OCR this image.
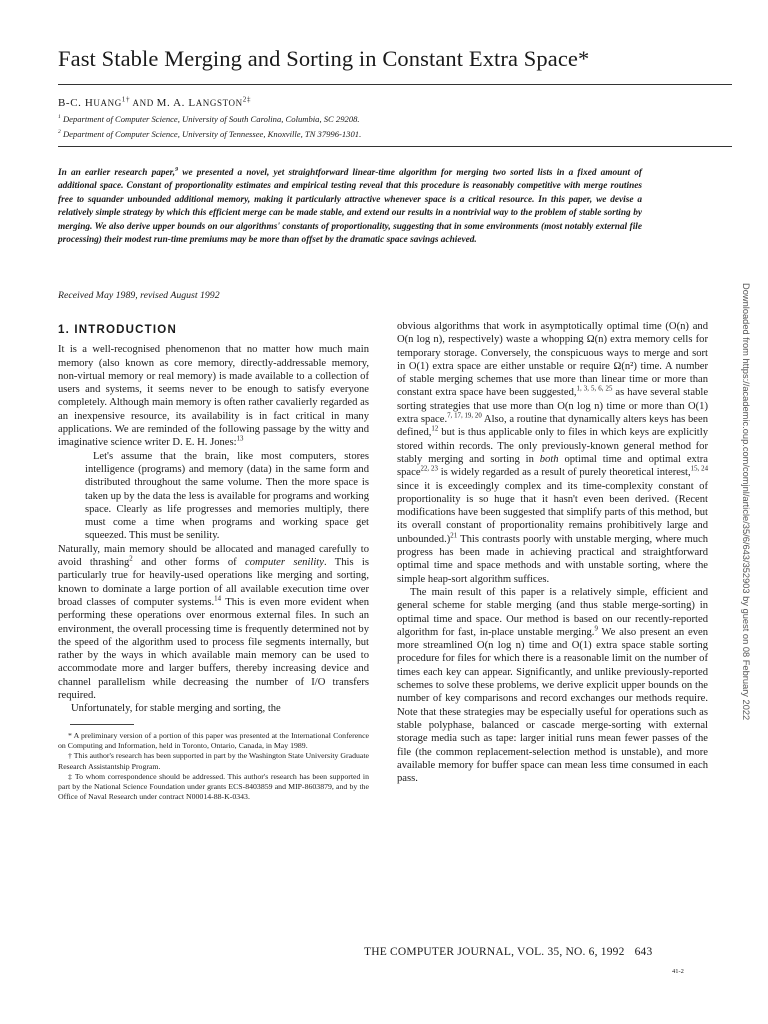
Fast Stable Merging and Sorting in Constant Extra Space*
B-C. $HUANG^{1\dagger}$ AND M. A. $LANGSTON^{2\ddagger}$
$^1$ Department of Computer Science, University of South Carolina, Columbia, SC 29208.
$^2$ Department of Computer Science, University of Tennessee, Knoxville, TN 37996-1301.

In an earlier research paper,$^9$ we presented a novel, yet straightforward linear-time algorithm for merging two sorted lists in a fixed amount of additional space. Constant of proportionality estimates and empirical testing reveal that this procedure is reasonably competitive with merge routines free to squander unbounded additional memory, making it particularly attractive whenever space is a critical resource. In this paper, we devise a relatively simple strategy by which this efficient merge can be made stable, and extend our results in a nontrivial way to the problem of stable sorting by merging. We also derive upper bounds on our algorithms' constants of proportionality, suggesting that in some environments (most notably external file processing) their modest run-time premiums may be more than offset by the dramatic space savings achieved.

Received May 1989, revised August 1992

1. INTRODUCTION

It is a well-recognised phenomenon that no matter how much main memory (also known as core memory, directly-addressable memory, non-virtual memory or real memory) is made available to a collection of users and systems, it seems never to be enough to satisfy everyone completely. Although main memory is often rather cavalierly regarded as an inexpensive resource, its availability is in fact critical in many applications. We are reminded of the following passage by the witty and imaginative science writer D. E. H. Jones:$^{13}$

Let's assume that the brain, like most computers, stores intelligence (programs) and memory (data) in the same form and distributed throughout the same volume. Then the more space is taken up by the data the less is available for programs and working space. Clearly as life progresses and memories multiply, there must come a time when programs and working space get squeezed. This must be senility.

Naturally, main memory should be allocated and managed carefully to avoid thrashing$^2$ and other forms of computer senility. This is particularly true for heavily-used operations like merging and sorting, known to dominate a large portion of all available execution time over broad classes of computer systems.$^{14}$ This is even more evident when performing these operations over enormous external files. In such an environment, the overall processing time is frequently determined not by the speed of the algorithm used to process file segments internally, but rather by the ways in which available main memory can be used to accommodate more and larger buffers, thereby increasing device and channel parallelism while decreasing the number of I/O transfers required.

Unfortunately, for stable merging and sorting, the

* A preliminary version of a portion of this paper was presented at the International Conference on Computing and Information, held in Toronto, Ontario, Canada, in May 1989.

† This author's research has been supported in part by the Washington State University Graduate Research Assistantship Program.

‡ To whom correspondence should be addressed. This author's research has been supported in part by the National Science Foundation under grants ECS-8403859 and MIP-8603879, and by the Office of Naval Research under contract N00014-88-K-0343.

obvious algorithms that work in asymptotically optimal time (O(n) and O(n log n), respectively) waste a whopping Ω(n) extra memory cells for temporary storage. Conversely, the conspicuous ways to merge and sort in O(1) extra space are either unstable or require Ω(n²) time. A number of stable merging schemes that use more than linear time or more than constant extra space have been suggested,$^{1, 3, 5, 6, 25}$ as have several stable sorting strategies that use more than O(n log n) time or more than O(1) extra space.$^{7, 17, 19, 20}$ Also, a routine that dynamically alters keys has been defined,$^{12}$ but is thus applicable only to files in which keys are explicitly stored within records. The only previously-known general method for stably merging and sorting in both optimal time and optimal extra space$^{22, 23}$ is widely regarded as a result of purely theoretical interest,$^{15, 24}$ since it is exceedingly complex and its time-complexity constant of proportionality is so huge that it hasn't even been derived. (Recent modifications have been suggested that simplify parts of this method, but its overall constant of proportionality remains prohibitively large and unbounded.)$^{21}$ This contrasts poorly with unstable merging, where much progress has been made in achieving practical and straightforward optimal time and space methods and with unstable sorting, where the simple heap-sort algorithm suffices.

The main result of this paper is a relatively simple, efficient and general scheme for stable merging (and thus stable merge-sorting) in optimal time and space. Our method is based on our recently-reported algorithm for fast, in-place unstable merging.$^9$ We also present an even more streamlined O(n log n) time and O(1) extra space stable sorting procedure for files for which there is a reasonable limit on the number of times each key can appear. Significantly, and unlike previously-reported schemes to solve these problems, we derive explicit upper bounds on the number of key comparisons and record exchanges our methods require. Note that these strategies may be especially useful for operations such as stable polyphase, balanced or cascade merge-sorting with external storage media such as tape: larger initial runs mean fewer passes of the file (the common replacement-selection method is unstable), and more available memory for buffer space can mean less time consumed in each pass.

THE COMPUTER JOURNAL, VOL. 35, NO. 6, 1992 643
41-2
Downloaded from https://academic.oup.com/comjnl/article/35/6/643/352903 by guest on 08 February 2022
